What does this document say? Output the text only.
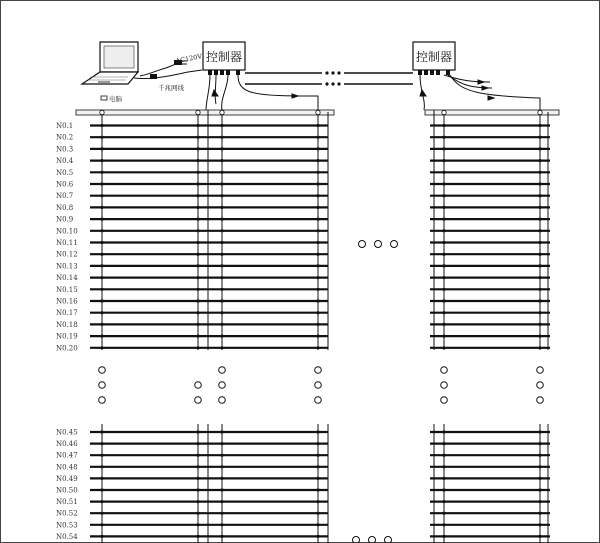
电脑
AC120V
千兆网线
控制器	控制器
N0.1
N0.2
N0.3
N0.4
N0.5
N0.6
N0.7
N0.8
N0.9
N0.10
N0.11
N0.12
N0.13
N0.14
N0.15
N0.16
N0.17
N0.18
N0.19
N0.20
N0.45
N0.46
N0.47
N0.48
N0.49
N0.50
N0.51
N0.52
N0.53
N0.54
